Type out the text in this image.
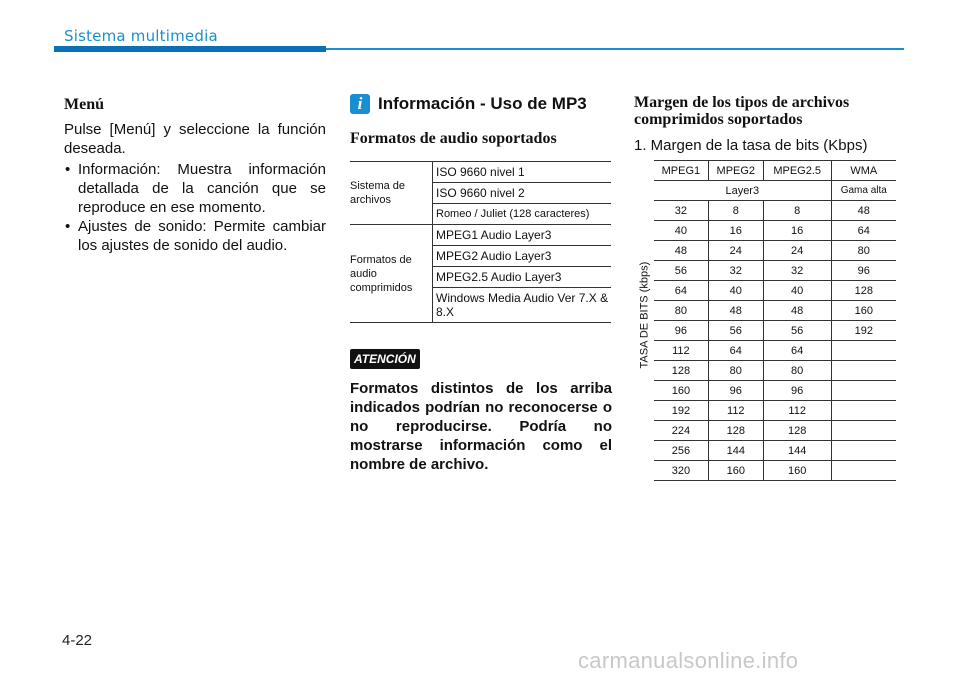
Sistema multimedia
Menú

Pulse [Menú] y seleccione la función deseada.

• Información: Muestra información detallada de la canción que se reproduce en ese momento.
• Ajustes de sonido: Permite cambiar los ajustes de sonido del audio.
i Información - Uso de MP3
Formatos de audio soportados
Sistema de archivos	ISO 9660 nivel 1
	ISO 9660 nivel 2
	Romeo / Juliet (128 caracteres)
Formatos de audio comprimidos	MPEG1 Audio Layer3
	MPEG2 Audio Layer3
	MPEG2.5 Audio Layer3
	Windows Media Audio Ver 7.X & 8.X
ATENCIÓN

Formatos distintos de los arriba indicados podrían no reconocerse o no reproducirse. Podría no mostrarse información como el nombre de archivo.

Margen de los tipos de archivos comprimidos soportados

1. Margen de la tasa de bits (Kbps)

TASA DE BITS (kbps)
MPEG1	MPEG2	MPEG2.5	WMA
Layer3			Gama alta
32	8	8	48
40	16	16	64
48	24	24	80
56	32	32	96
64	40	40	128
80	48	48	160
96	56	56	192
112	64	64	
128	80	80	
160	96	96	
192	112	112	
224	128	128	
256	144	144	
320	160	160	
4-22
carmanualsonline.info
